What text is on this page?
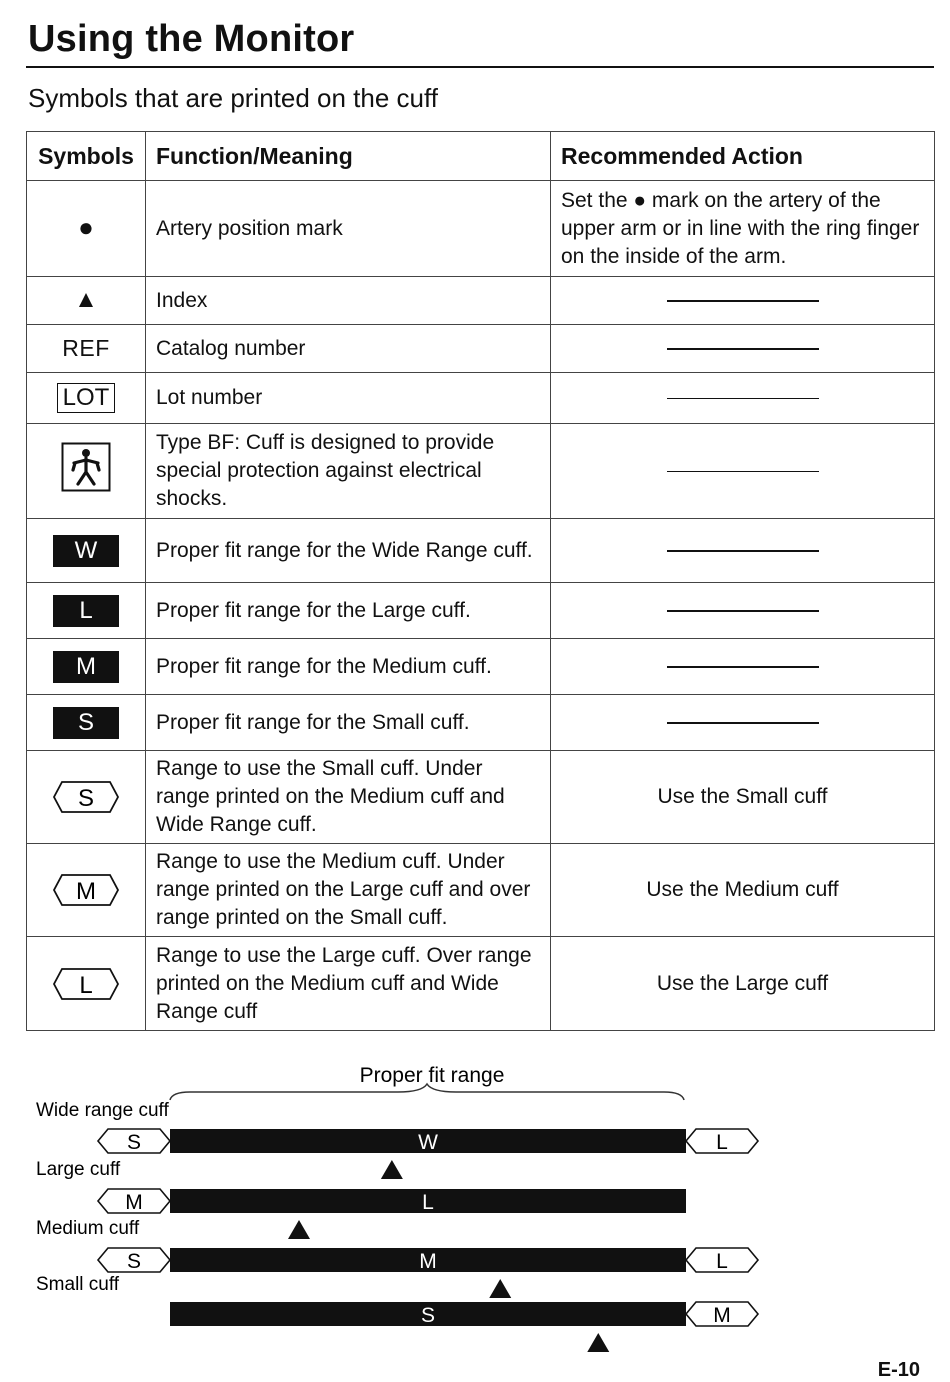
Using the Monitor
Symbols that are printed on the cuff
Symbols	Function/Meaning	Recommended Action
●	Artery position mark	Set the ● mark on the artery of the upper arm or in line with the ring finger on the inside of the arm.
▲	Index	
REF	Catalog number	
LOT	Lot number	
	Type BF: Cuff is designed to provide special protection against electrical shocks.	
W	Proper fit range for the Wide Range cuff.	
L	Proper fit range for the Large cuff.	
M	Proper fit range for the Medium cuff.	
S	Proper fit range for the Small cuff.	

S	Range to use the Small cuff. Under range printed on the Medium cuff and Wide Range cuff.	Use the Small cuff

M	Range to use the Medium cuff. Under range printed on the Large cuff and over range printed on the Small cuff.	Use the Medium cuff

L	Range to use the Large cuff. Over range printed on the Medium cuff and Wide Range cuff	Use the Large cuff
Proper fit range
Wide range cuff
W
S	L
Large cuff
L
M
Medium cuff
M
S	L
Small cuff
S	M
E-10
